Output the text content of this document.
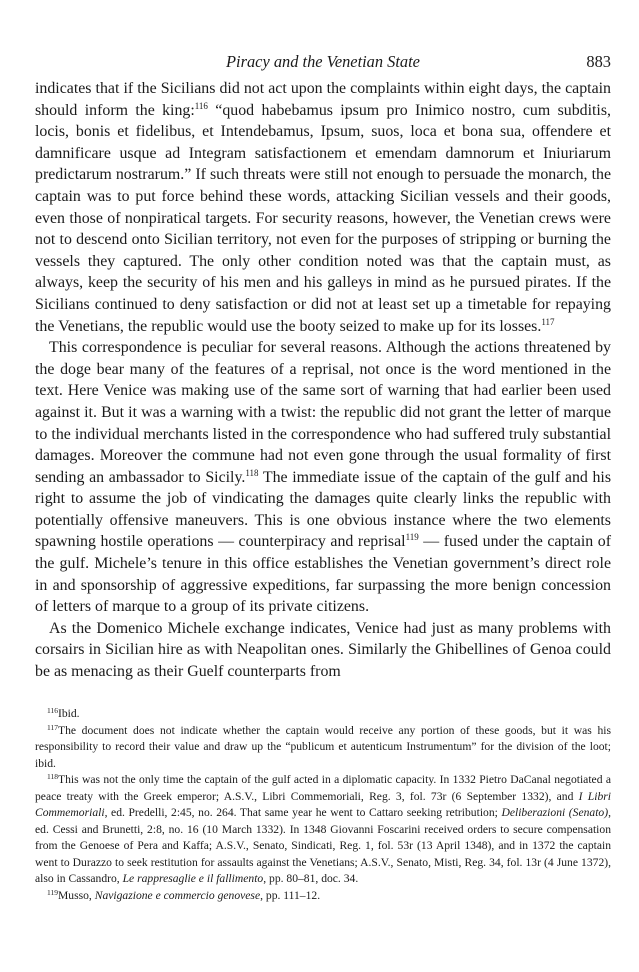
Piracy and the Venetian State	883

indicates that if the Sicilians did not act upon the complaints within eight days, the captain should inform the king:$^{116}$ “quod habebamus ipsum pro Inimico nostro, cum subditis, locis, bonis et fidelibus, et Intendebamus, Ipsum, suos, loca et bona sua, offendere et damnificare usque ad Integram satisfactionem et emendam damnorum et Iniuriarum predictarum nostrarum.” If such threats were still not enough to persuade the monarch, the captain was to put force behind these words, attacking Sicilian vessels and their goods, even those of nonpiratical targets. For security reasons, however, the Venetian crews were not to descend onto Sicilian territory, not even for the purposes of stripping or burning the vessels they captured. The only other condition noted was that the captain must, as always, keep the security of his men and his galleys in mind as he pursued pirates. If the Sicilians continued to deny satisfaction or did not at least set up a timetable for repaying the Venetians, the republic would use the booty seized to make up for its losses.$^{117}$

This correspondence is peculiar for several reasons. Although the actions threatened by the doge bear many of the features of a reprisal, not once is the word mentioned in the text. Here Venice was making use of the same sort of warning that had earlier been used against it. But it was a warning with a twist: the republic did not grant the letter of marque to the individual merchants listed in the correspondence who had suffered truly substantial damages. Moreover the commune had not even gone through the usual formality of first sending an ambassador to Sicily.$^{118}$ The immediate issue of the captain of the gulf and his right to assume the job of vindicating the damages quite clearly links the republic with potentially offensive maneuvers. This is one obvious instance where the two elements spawning hostile operations — counterpiracy and reprisal$^{119}$ — fused under the captain of the gulf. Michele’s tenure in this office establishes the Venetian government’s direct role in and sponsorship of aggressive expeditions, far surpassing the more benign concession of letters of marque to a group of its private citizens.

As the Domenico Michele exchange indicates, Venice had just as many problems with corsairs in Sicilian hire as with Neapolitan ones. Similarly the Ghibellines of Genoa could be as menacing as their Guelf counterparts from

$^{116}$Ibid.

$^{117}$The document does not indicate whether the captain would receive any portion of these goods, but it was his responsibility to record their value and draw up the “publicum et autenticum Instrumentum” for the division of the loot; ibid.

$^{118}$This was not the only time the captain of the gulf acted in a diplomatic capacity. In 1332 Pietro DaCanal negotiated a peace treaty with the Greek emperor; A.S.V., Libri Commemoriali, Reg. 3, fol. 73r (6 September 1332), and I Libri Commemoriali, ed. Predelli, 2:45, no. 264. That same year he went to Cattaro seeking retribution; Deliberazioni (Senato), ed. Cessi and Brunetti, 2:8, no. 16 (10 March 1332). In 1348 Giovanni Foscarini received orders to secure compensation from the Genoese of Pera and Kaffa; A.S.V., Senato, Sindicati, Reg. 1, fol. 53r (13 April 1348), and in 1372 the captain went to Durazzo to seek restitution for assaults against the Venetians; A.S.V., Senato, Misti, Reg. 34, fol. 13r (4 June 1372), also in Cassandro, Le rappresaglie e il fallimento, pp. 80–81, doc. 34.

$^{119}$Musso, Navigazione e commercio genovese, pp. 111–12.
